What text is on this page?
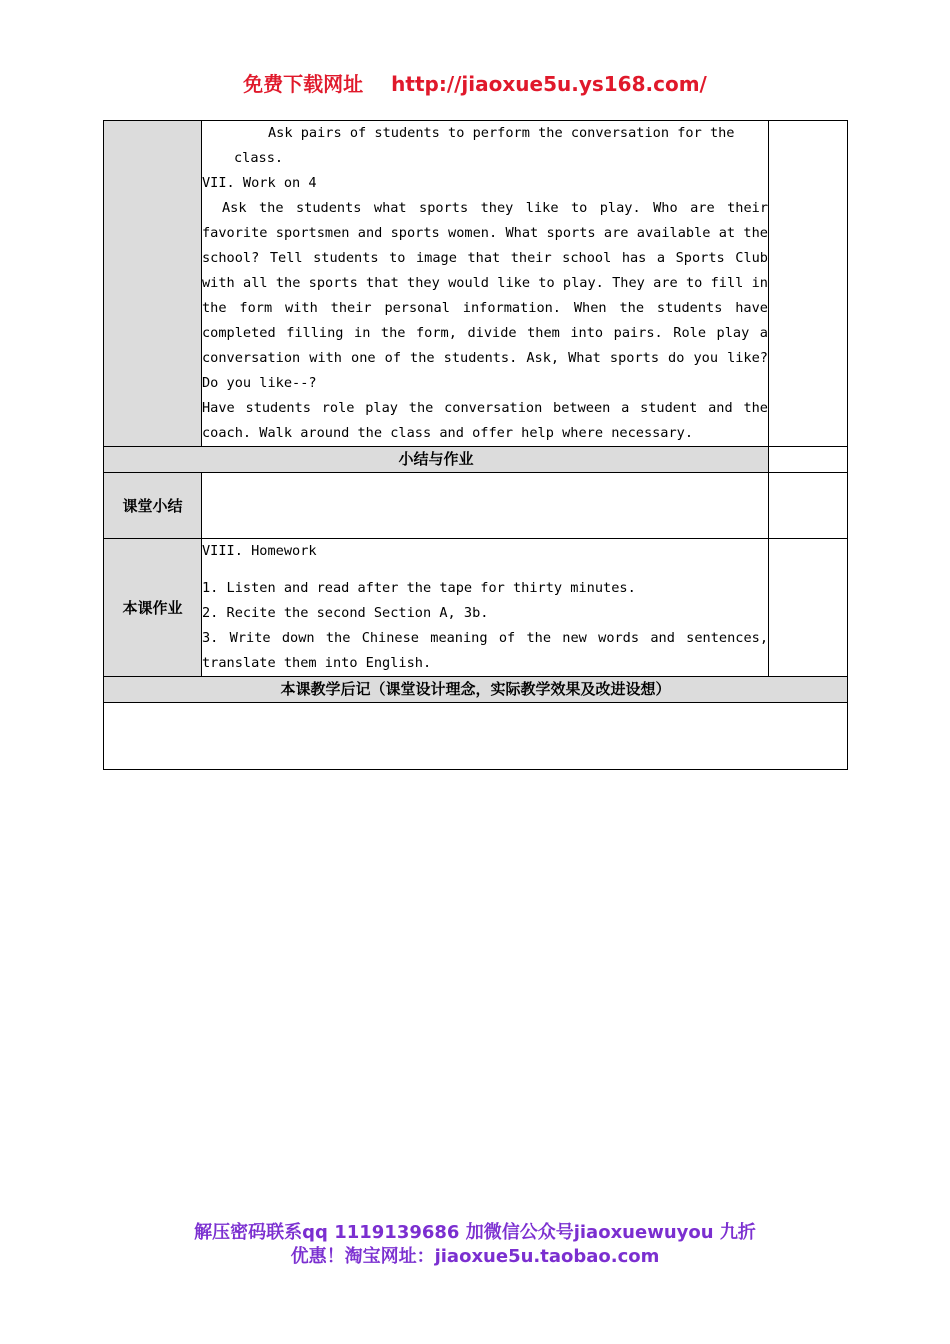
免费下载网址 http://jiaoxue5u.ys168.com/

	Ask pairs of students to perform the conversation for the

class.

VII. Work on 4

Ask the students what sports they like to play. Who are their favorite sportsmen and sports women. What sports are available at the school? Tell students to image that their school has a Sports Club with all the sports that they would like to play. They are to fill in the form with their personal information. When the students have completed filling in the form, divide them into pairs. Role play a conversation with one of the students. Ask, What sports do you like? Do you like--?

Have students role play the conversation between a student and the coach. Walk around the class and offer help where necessary.	

小结与作业		
课堂小结		
本课作业	VIII. Homework

1. Listen and read after the tape for thirty minutes.

2. Recite the second Section A, 3b.

3. Write down the Chinese meaning of the new words and sentences, translate them into English.	

本课教学后记（课堂设计理念，实际教学效果及改进设想）		

解压密码联系qq 1119139686 加微信公众号jiaoxuewuyou 九折
优惠！淘宝网址：jiaoxue5u.taobao.com
